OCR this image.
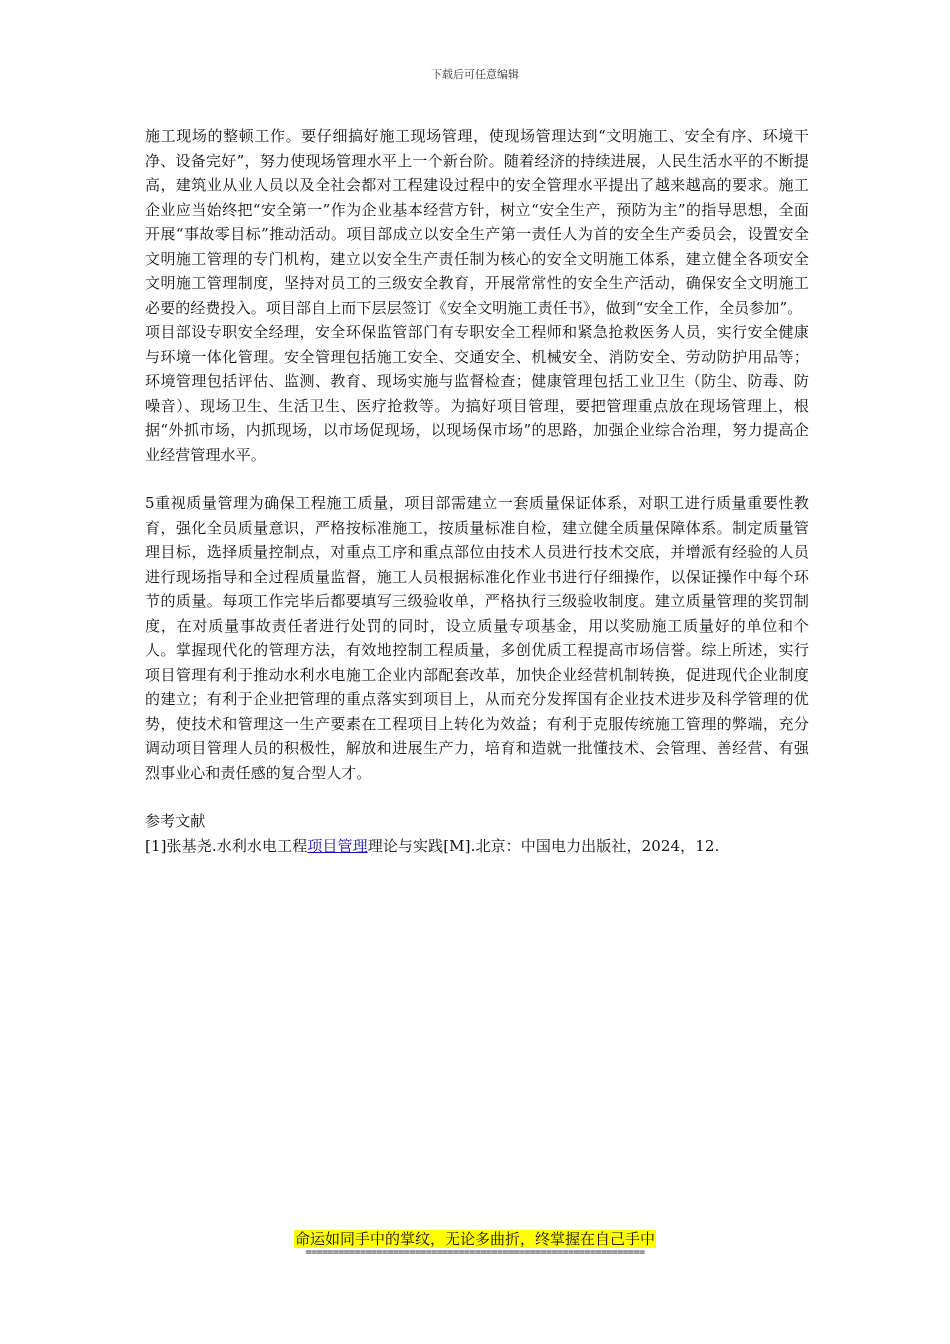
下载后可任意编辑

施工现场的整顿工作。要仔细搞好施工现场管理，使现场管理达到“文明施工、安全有序、环境干净、设备完好”，努力使现场管理水平上一个新台阶。随着经济的持续进展，人民生活水平的不断提高，建筑业从业人员以及全社会都对工程建设过程中的安全管理水平提出了越来越高的要求。施工企业应当始终把“安全第一”作为企业基本经营方针，树立“安全生产，预防为主”的指导思想，全面开展“事故零目标”推动活动。项目部成立以安全生产第一责任人为首的安全生产委员会，设置安全文明施工管理的专门机构，建立以安全生产责任制为核心的安全文明施工体系，建立健全各项安全文明施工管理制度，坚持对员工的三级安全教育，开展常常性的安全生产活动，确保安全文明施工必要的经费投入。项目部自上而下层层签订《安全文明施工责任书》，做到“安全工作，全员参加”。

项目部设专职安全经理，安全环保监管部门有专职安全工程师和紧急抢救医务人员，实行安全健康与环境一体化管理。安全管理包括施工安全、交通安全、机械安全、消防安全、劳动防护用品等；环境管理包括评估、监测、教育、现场实施与监督检查；健康管理包括工业卫生（防尘、防毒、防噪音）、现场卫生、生活卫生、医疗抢救等。为搞好项目管理，要把管理重点放在现场管理上，根据“外抓市场，内抓现场，以市场促现场，以现场保市场”的思路，加强企业综合治理，努力提高企业经营管理水平。

5重视质量管理为确保工程施工质量，项目部需建立一套质量保证体系，对职工进行质量重要性教育，强化全员质量意识，严格按标准施工，按质量标准自检，建立健全质量保障体系。制定质量管理目标，选择质量控制点，对重点工序和重点部位由技术人员进行技术交底，并增派有经验的人员进行现场指导和全过程质量监督，施工人员根据标准化作业书进行仔细操作，以保证操作中每个环节的质量。每项工作完毕后都要填写三级验收单，严格执行三级验收制度。建立质量管理的奖罚制度，在对质量事故责任者进行处罚的同时，设立质量专项基金，用以奖励施工质量好的单位和个人。掌握现代化的管理方法，有效地控制工程质量，多创优质工程提高市场信誉。综上所述，实行项目管理有利于推动水利水电施工企业内部配套改革，加快企业经营机制转换，促进现代企业制度的建立；有利于企业把管理的重点落实到项目上，从而充分发挥国有企业技术进步及科学管理的优势，使技术和管理这一生产要素在工程项目上转化为效益；有利于克服传统施工管理的弊端，充分调动项目管理人员的积极性，解放和进展生产力，培育和造就一批懂技术、会管理、善经营、有强烈事业心和责任感的复合型人才。

参考文献

[1]张基尧.水利水电工程项目管理理论与实践[M].北京：中国电力出版社，2024，12.

命运如同手中的掌纹，无论多曲折，终掌握在自己手中
==============================================================
